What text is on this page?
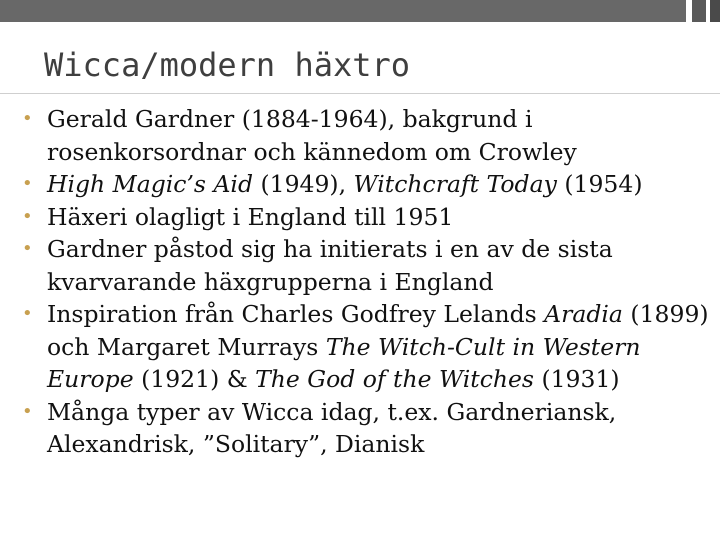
Wicca/modern häxtro
• Gerald Gardner (1884-1964), bakgrund i rosenkorsordnar och kännedom om Crowley
• High Magic’s Aid (1949), Witchcraft Today (1954)
• Häxeri olagligt i England till 1951
• Gardner påstod sig ha initierats i en av de sista kvarvarande häxgrupperna i England
• Inspiration från Charles Godfrey Lelands Aradia (1899) och Margaret Murrays The Witch-Cult in Western Europe (1921) & The God of the Witches (1931)
• Många typer av Wicca idag, t.ex. Gardneriansk, Alexandrisk, ”Solitary”, Dianisk
